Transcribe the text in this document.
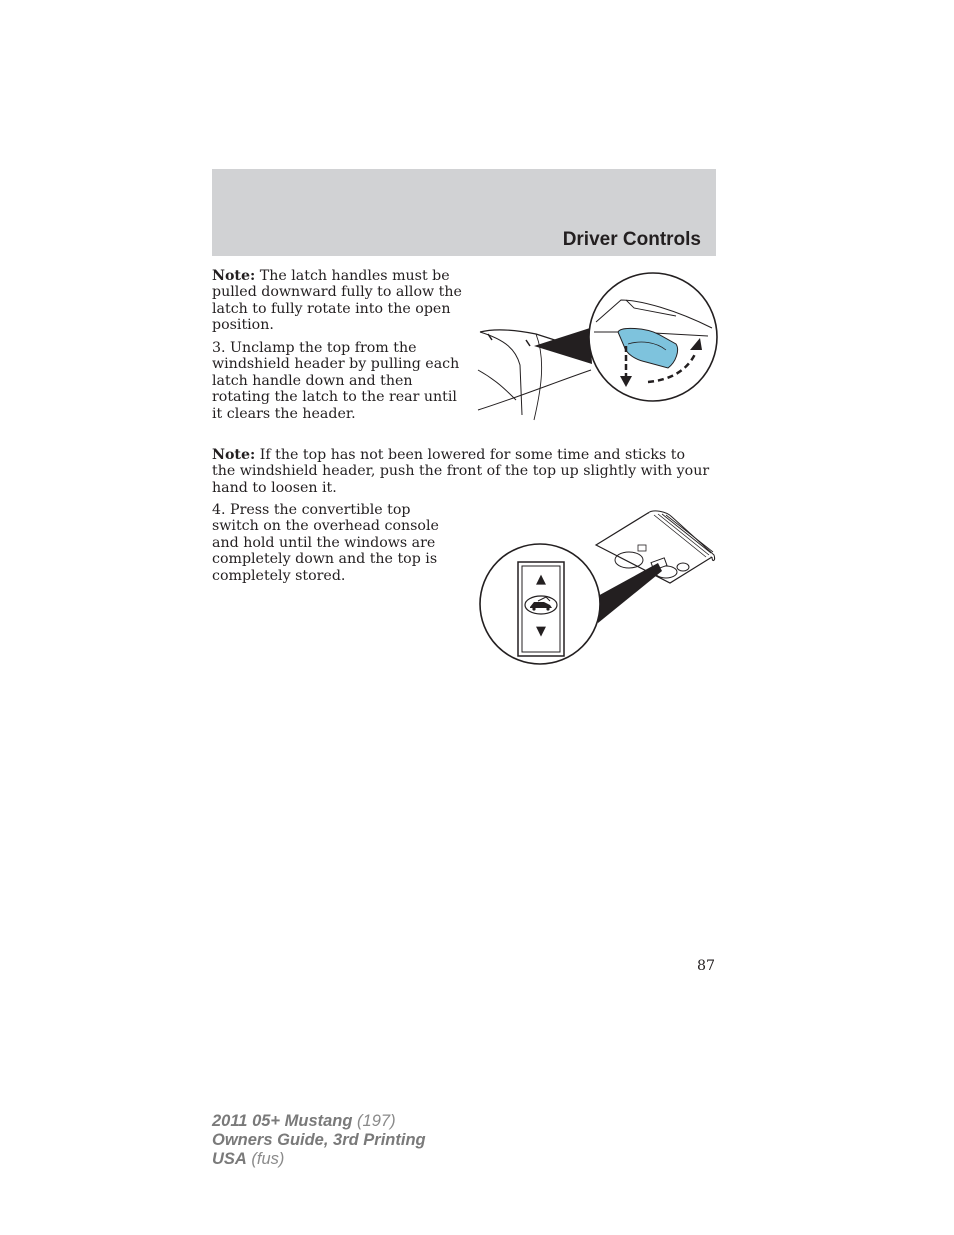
Driver Controls

Note: The latch handles must be pulled downward fully to allow the latch to fully rotate into the open position.

3. Unclamp the top from the windshield header by pulling each latch handle down and then rotating the latch to the rear until it clears the header.

Note: If the top has not been lowered for some time and sticks to the windshield header, push the front of the top up slightly with your hand to loosen it.

4. Press the convertible top switch on the overhead console and hold until the windows are completely down and the top is completely stored.	▲
▼
87
2011 05+ Mustang (197)
Owners Guide, 3rd Printing
USA (fus)
